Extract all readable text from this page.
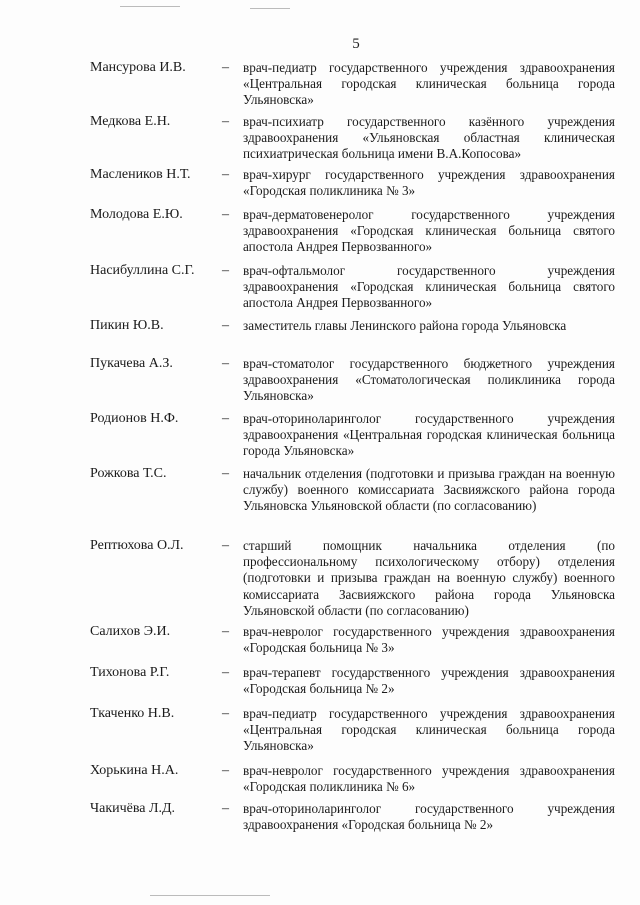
5
Мансурова И.В.	– врач-педиатр государственного учреждения здравоохранения «Центральная городская клиническая больница города Ульяновска»
Медкова Е.Н.	– врач-психиатр государственного казённого учреждения здравоохранения «Ульяновская областная клиническая психиатрическая больница имени В.А.Копосова»
Маслеников Н.Т. – врач-хирург государственного учреждения здравоохранения «Городская поликлиника № 3»
Молодова Е.Ю.	– врач-дерматовенеролог государственного учреждения здравоохранения «Городская клиническая больница святого апостола Андрея Первозванного»
Насибуллина С.Г. – врач-офтальмолог государственного учреждения здравоохранения «Городская клиническая больница святого апостола Андрея Первозванного»
Пикин Ю.В.	– заместитель главы Ленинского района города Ульяновска
Пукачева А.З.	– врач-стоматолог государственного бюджетного учреждения здравоохранения «Стоматологическая поликлиника города Ульяновска»
Родионов Н.Ф.	– врач-оториноларинголог государственного учреждения здравоохранения «Центральная городская клиническая больница города Ульяновска»
Рожкова Т.С.	– начальник отделения (подготовки и призыва граждан на военную службу) военного комиссариата Засвияжского района города Ульяновска Ульяновской области (по согласованию)
Рептюхова О.Л.	– старший помощник начальника отделения (по профессиональному психологическому отбору) отделения (подготовки и призыва граждан на военную службу) военного комиссариата Засвияжского района города Ульяновска Ульяновской области (по согласованию)
Салихов Э.И.	– врач-невролог государственного учреждения здравоохранения «Городская больница № 3»
Тихонова Р.Г.	– врач-терапевт государственного учреждения здравоохранения «Городская больница № 2»
Ткаченко Н.В.	– врач-педиатр государственного учреждения здравоохранения «Центральная городская клиническая больница города Ульяновска»
Хорькина Н.А.	– врач-невролог государственного учреждения здравоохранения «Городская поликлиника № 6»
Чакичёва Л.Д.	– врач-оториноларинголог государственного учреждения здравоохранения «Городская больница № 2»
